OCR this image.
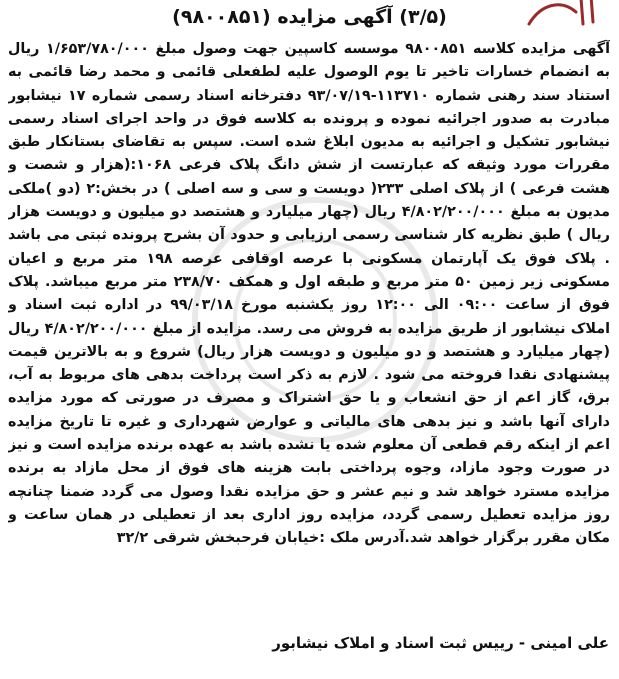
(۳/۵) آگهی مزایده (۹۸۰۰۸۵۱)
آگهی مزایده کلاسه ۹۸۰۰۸۵۱ موسسه کاسپین جهت وصول مبلغ ۱/۶۵۳/۷۸۰/۰۰۰ ریال به انضمام خسارات تاخیر تا یوم الوصول علیه لطفعلی قائمی و محمد رضا قائمی به استناد سند رهنی شماره ۱۱۳۷۱۰-۹۳/۰۷/۱۹ دفترخانه اسناد رسمی شماره ۱۷ نیشابور مبادرت به صدور اجرائیه نموده و پرونده به کلاسه فوق در واحد اجرای اسناد رسمی نیشابور تشکیل و اجرائیه به مدیون ابلاغ شده است. سپس به تقاضای بستانکار طبق مقررات مورد وثیقه که عبارتست از شش دانگ پلاک فرعی ۱۰۶۸:(هزار و شصت و هشت فرعی ) از پلاک اصلی ۲۳۳( دویست و سی و سه اصلی ) در بخش:۲ (دو )ملکی مدیون به مبلغ ۴/۸۰۲/۲۰۰/۰۰۰ ریال (چهار میلیارد و هشتصد دو میلیون و دویست هزار ریال ) طبق نظریه کار شناسی رسمی ارزیابی و حدود آن بشرح پرونده ثبتی می باشد . پلاک فوق یک آپارتمان مسکونی با عرصه اوقافی عرصه ۱۹۸ متر مربع و اعیان مسکونی زیر زمین ۵۰ متر مربع و طبقه اول و همکف ۲۳۸/۷۰ متر مربع میباشد. پلاک فوق از ساعت ۰۹:۰۰ الی ۱۲:۰۰ روز یکشنبه مورخ ۹۹/۰۳/۱۸ در اداره ثبت اسناد و املاک نیشابور از طریق مزایده به فروش می رسد. مزایده از مبلغ ۴/۸۰۲/۲۰۰/۰۰۰ ریال (چهار میلیارد و هشتصد و دو میلیون و دویست هزار ریال) شروع و به بالاترین قیمت پیشنهادی نقدا فروخته می شود . لازم به ذکر است پرداخت بدهی های مربوط به آب، برق، گاز اعم از حق انشعاب و یا حق اشتراک و مصرف در صورتی که مورد مزایده دارای آنها باشد و نیز بدهی های مالیاتی و عوارض شهرداری و غیره تا تاریخ مزایده اعم از اینکه رقم قطعی آن معلوم شده یا نشده باشد به عهده برنده مزایده است و نیز در صورت وجود مازاد، وجوه پرداختی بابت هزینه های فوق از محل مازاد به برنده مزایده مسترد خواهد شد و نیم عشر و حق مزایده نقدا وصول می گردد ضمنا چنانچه روز مزایده تعطیل رسمی گردد، مزایده روز اداری بعد از تعطیلی در همان ساعت و مکان مقرر برگزار خواهد شد.آدرس ملک :خیابان فرحبخش شرقی ۳۲/۲
علی امینی - رییس ثبت اسناد و املاک نیشابور
